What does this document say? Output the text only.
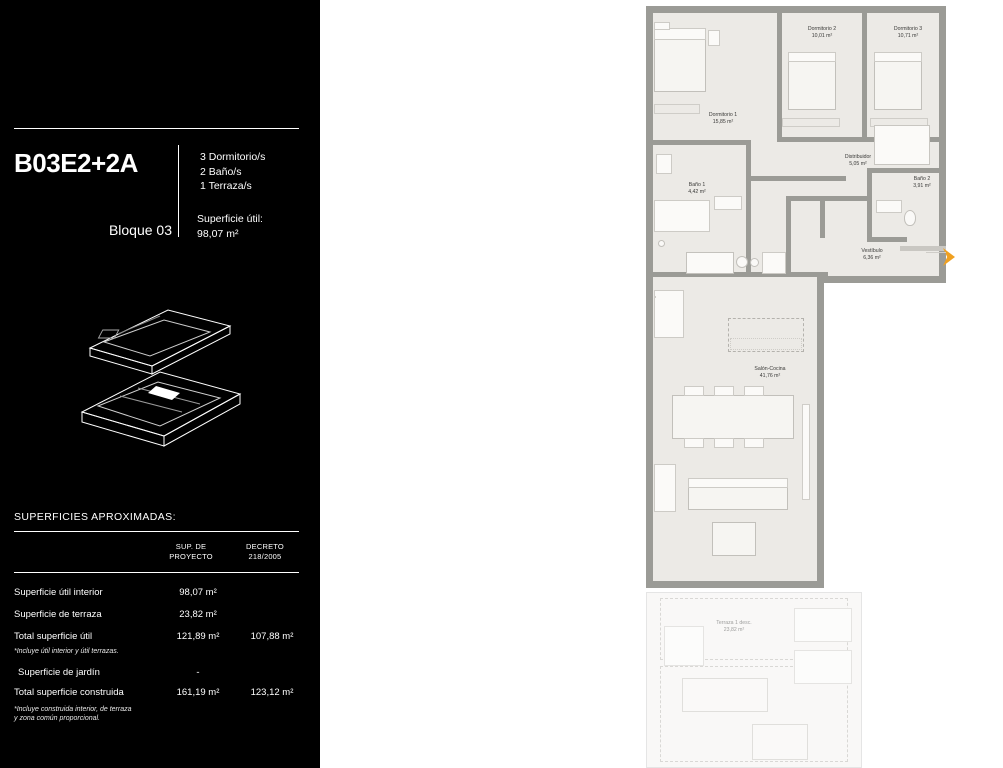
B03E2+2A	3 Dormitorio/s
2 Baño/s
1 Terraza/s
Bloque 03
Superficie útil:
98,07 m²
SUPERFICIES APROXIMADAS:
SUP. DE
PROYECTO
DECRETO
218/2005
Superficie útil interior	98,07 m²
Superficie de terraza	23,82 m²
Total superficie útil	121,89 m²	107,88 m²
*Incluye útil interior y útil terrazas.
Superficie de jardín	-
Total superficie construida	161,19 m²	123,12 m²
*Incluye construida interior, de terraza y zona común proporcional.
Dormitorio 1
15,85 m²
Dormitorio 2
10,01 m²
Dormitorio 3
10,71 m²
Distribuidor
5,05 m²
Baño 1
4,42 m²
Baño 2
3,91 m²
Vestíbulo
6,36 m²
Salón-Cocina
41,76 m²
Terraza 1 desc.
23,82 m²
